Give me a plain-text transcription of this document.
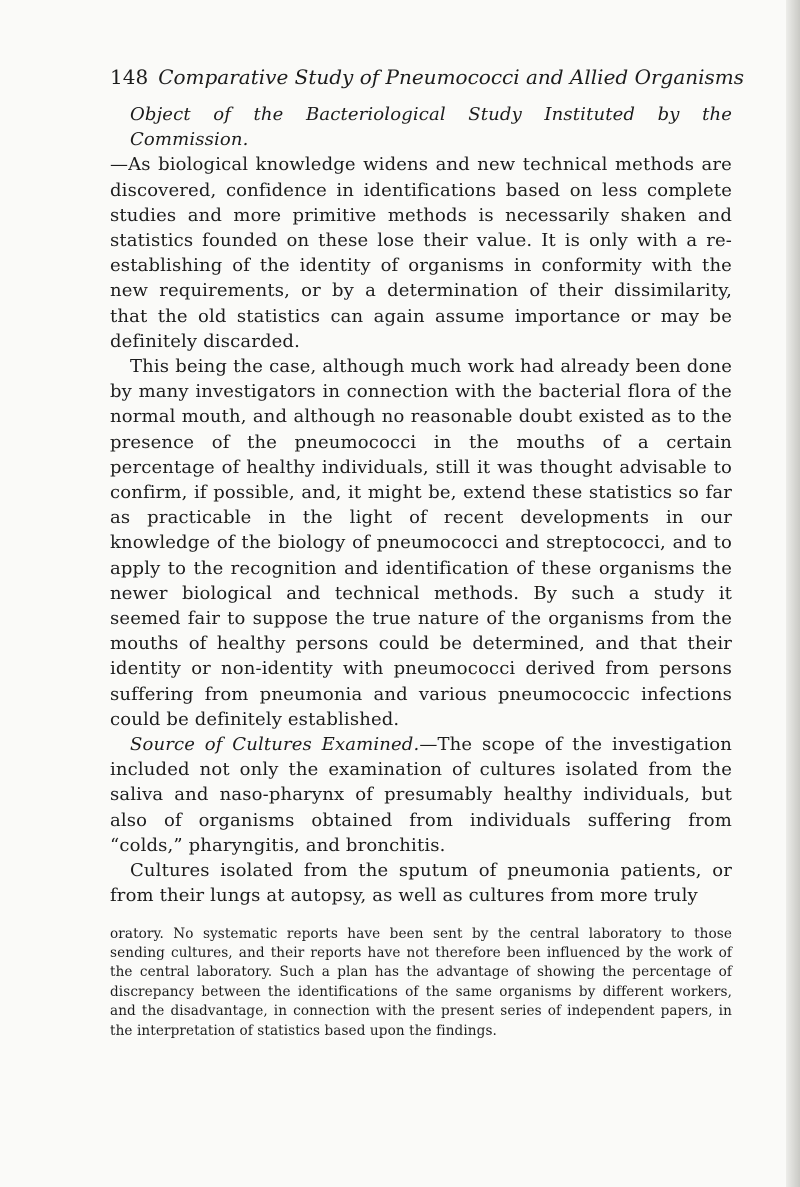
148 Comparative Study of Pneumococci and Allied Organisms

Object of the Bacteriological Study Instituted by the Commission. —As biological knowledge widens and new technical methods are discovered, confidence in identifications based on less complete studies and more primitive methods is necessarily shaken and statistics founded on these lose their value. It is only with a re-establishing of the identity of organisms in conformity with the new requirements, or by a determination of their dissimilarity, that the old statistics can again assume importance or may be definitely discarded.

This being the case, although much work had already been done by many investigators in connection with the bacterial flora of the normal mouth, and although no reasonable doubt existed as to the presence of the pneumococci in the mouths of a certain percentage of healthy individuals, still it was thought advisable to confirm, if possible, and, it might be, extend these statistics so far as practicable in the light of recent developments in our knowledge of the biology of pneumococci and streptococci, and to apply to the recognition and identification of these organisms the newer biological and technical methods. By such a study it seemed fair to suppose the true nature of the organisms from the mouths of healthy persons could be determined, and that their identity or non-identity with pneumococci derived from persons suffering from pneumonia and various pneumococcic infections could be definitely established.

Source of Cultures Examined.—The scope of the investigation included not only the examination of cultures isolated from the saliva and naso-pharynx of presumably healthy individuals, but also of organisms obtained from individuals suffering from “colds,” pharyngitis, and bronchitis.

Cultures isolated from the sputum of pneumonia patients, or from their lungs at autopsy, as well as cultures from more truly

oratory. No systematic reports have been sent by the central laboratory to those sending cultures, and their reports have not therefore been influenced by the work of the central laboratory. Such a plan has the advantage of showing the percentage of discrepancy between the identifications of the same organisms by different workers, and the disadvantage, in connection with the present series of independent papers, in the interpretation of statistics based upon the findings.
